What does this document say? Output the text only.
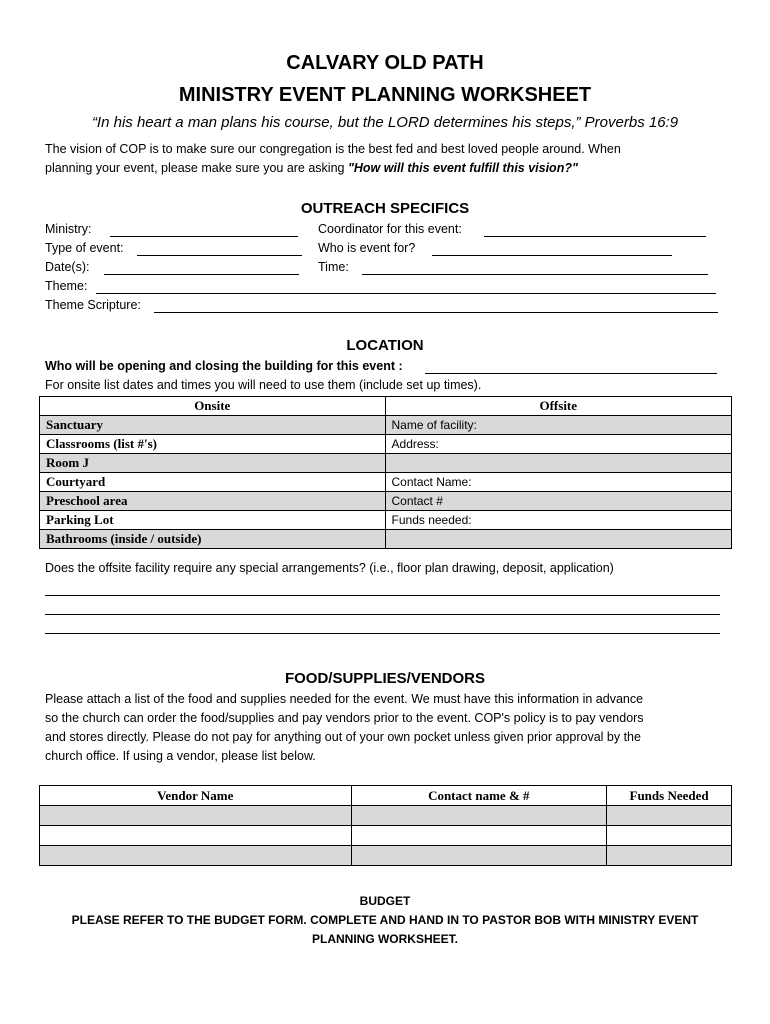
CALVARY OLD PATH
MINISTRY EVENT PLANNING WORKSHEET
“In his heart a man plans his course, but the LORD determines his steps,” Proverbs 16:9
The vision of COP is to make sure our congregation is the best fed and best loved people around. When
planning your event, please make sure you are asking "How will this event fulfill this vision?"
OUTREACH SPECIFICS
Ministry:	Coordinator for this event:
Type of event:	Who is event for?
Date(s):	Time:
Theme:
Theme Scripture:
LOCATION
Who will be opening and closing the building for this event :
For onsite list dates and times you will need to use them (include set up times).
Onsite	Offsite
Sanctuary	Name of facility:
Classrooms (list #'s)	Address:
Room J	
Courtyard	Contact Name:
Preschool area	Contact #
Parking Lot	Funds needed:
Bathrooms (inside / outside)	
Does the offsite facility require any special arrangements? (i.e., floor plan drawing, deposit, application)
FOOD/SUPPLIES/VENDORS
Please attach a list of the food and supplies needed for the event. We must have this information in advance
so the church can order the food/supplies and pay vendors prior to the event. COP's policy is to pay vendors
and stores directly. Please do not pay for anything out of your own pocket unless given prior approval by the
church office. If using a vendor, please list below.
Vendor Name	Contact name & #	Funds Needed

BUDGET
PLEASE REFER TO THE BUDGET FORM. COMPLETE AND HAND IN TO PASTOR BOB WITH MINISTRY EVENT
PLANNING WORKSHEET.
